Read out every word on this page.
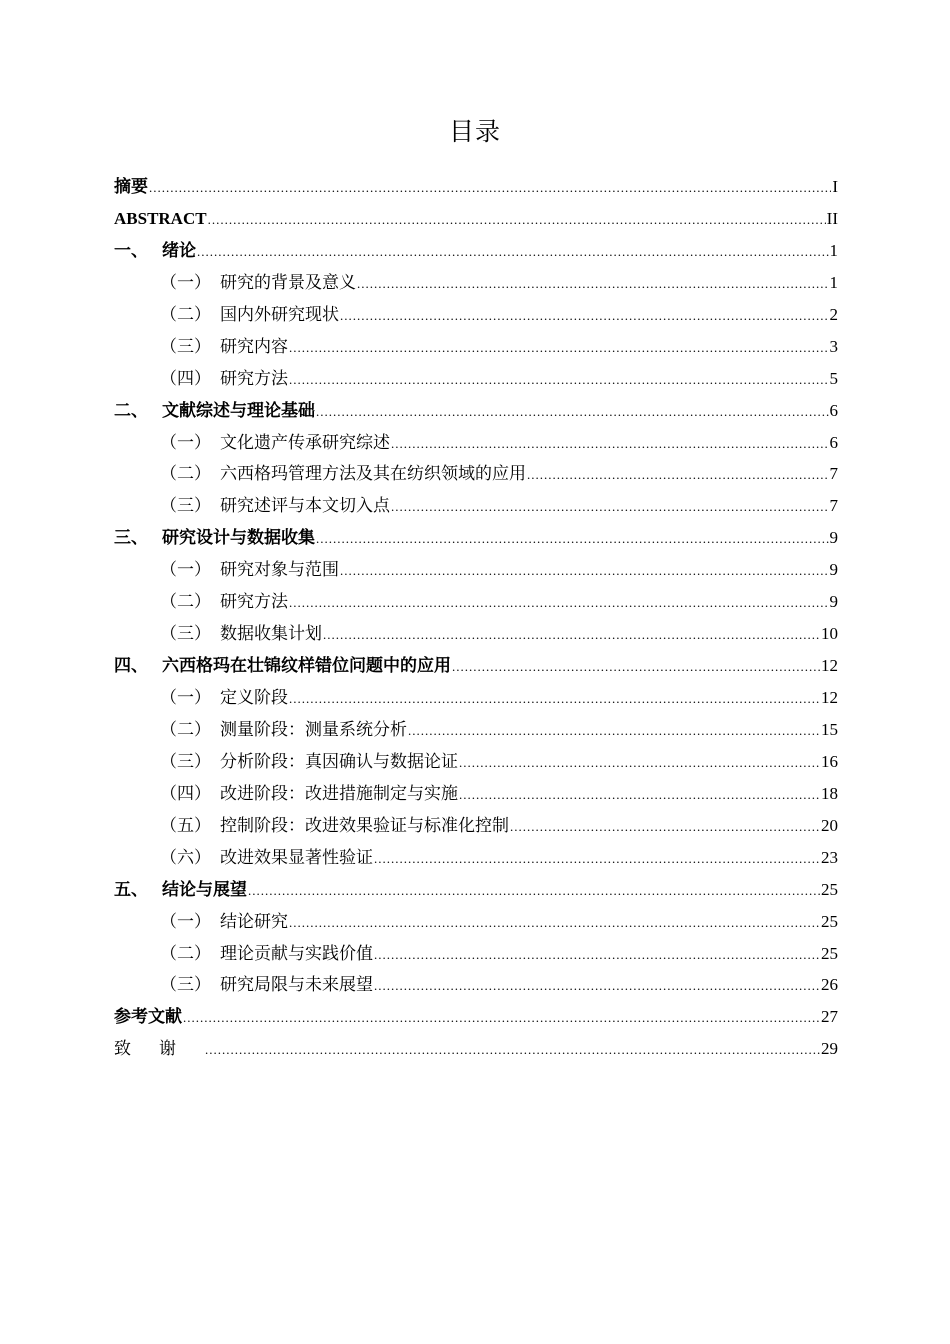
目录
摘要 .....	I
ABSTRACT .....	II
一、 绪论 .....	1
（一） 研究的背景及意义 .....	1
（二） 国内外研究现状 .....	2
（三） 研究内容 .....	3
（四） 研究方法 .....	5
二、 文献综述与理论基础 .....	6
（一） 文化遗产传承研究综述 .....	6
（二） 六西格玛管理方法及其在纺织领域的应用 .....	7
（三） 研究述评与本文切入点 .....	7
三、 研究设计与数据收集 .....	9
（一） 研究对象与范围 .....	9
（二） 研究方法 .....	9
（三） 数据收集计划 .....	10
四、 六西格玛在壮锦纹样错位问题中的应用 .....	12
（一） 定义阶段 .....	12
（二） 测量阶段：测量系统分析 .....	15
（三） 分析阶段：真因确认与数据论证 .....	16
（四） 改进阶段：改进措施制定与实施 .....	18
（五） 控制阶段：改进效果验证与标准化控制 .....	20
（六） 改进效果显著性验证 .....	23
五、 结论与展望 .....	25
（一） 结论研究 .....	25
（二） 理论贡献与实践价值 .....	25
（三） 研究局限与未来展望 .....	26
参考文献 .....	27
致谢 .....	29
